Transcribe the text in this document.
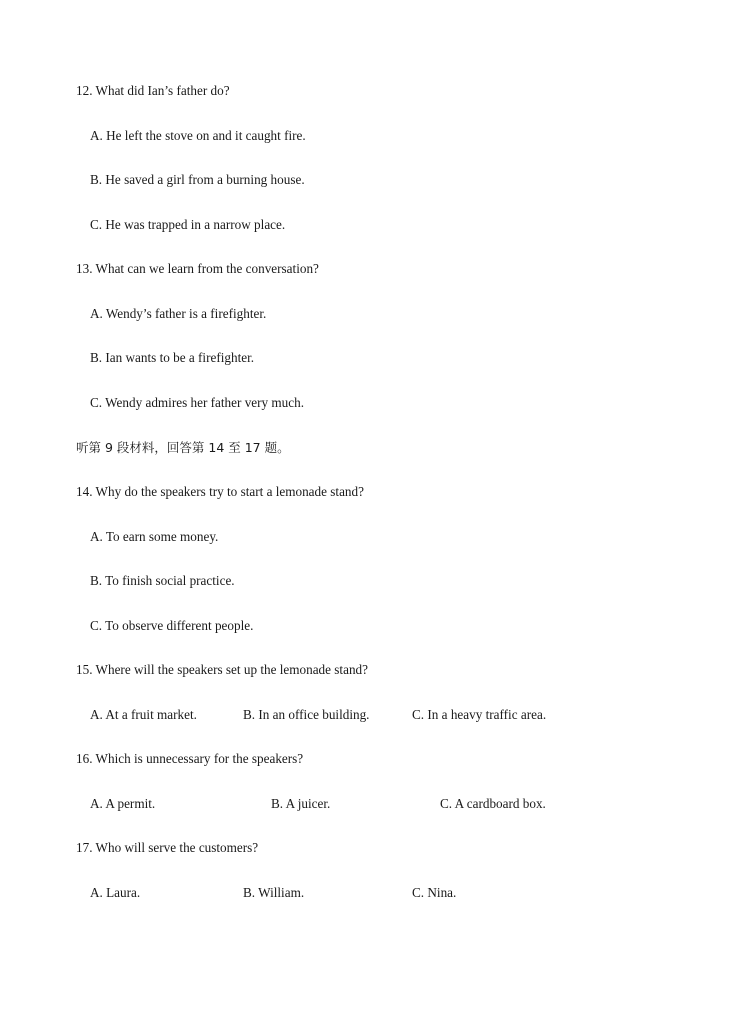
12. What did Ian’s father do?
A. He left the stove on and it caught fire.
B. He saved a girl from a burning house.
C. He was trapped in a narrow place.
13. What can we learn from the conversation?
A. Wendy’s father is a firefighter.
B. Ian wants to be a firefighter.
C. Wendy admires her father very much.
听第 9 段材料，回答第 14 至 17 题。
14. Why do the speakers try to start a lemonade stand?
A. To earn some money.
B. To finish social practice.
C. To observe different people.
15. Where will the speakers set up the lemonade stand?
A. At a fruit market.	B. In an office building.	C. In a heavy traffic area.
16. Which is unnecessary for the speakers?
A. A permit.	B. A juicer.	C. A cardboard box.
17. Who will serve the customers?
A. Laura.	B. William.	C. Nina.
